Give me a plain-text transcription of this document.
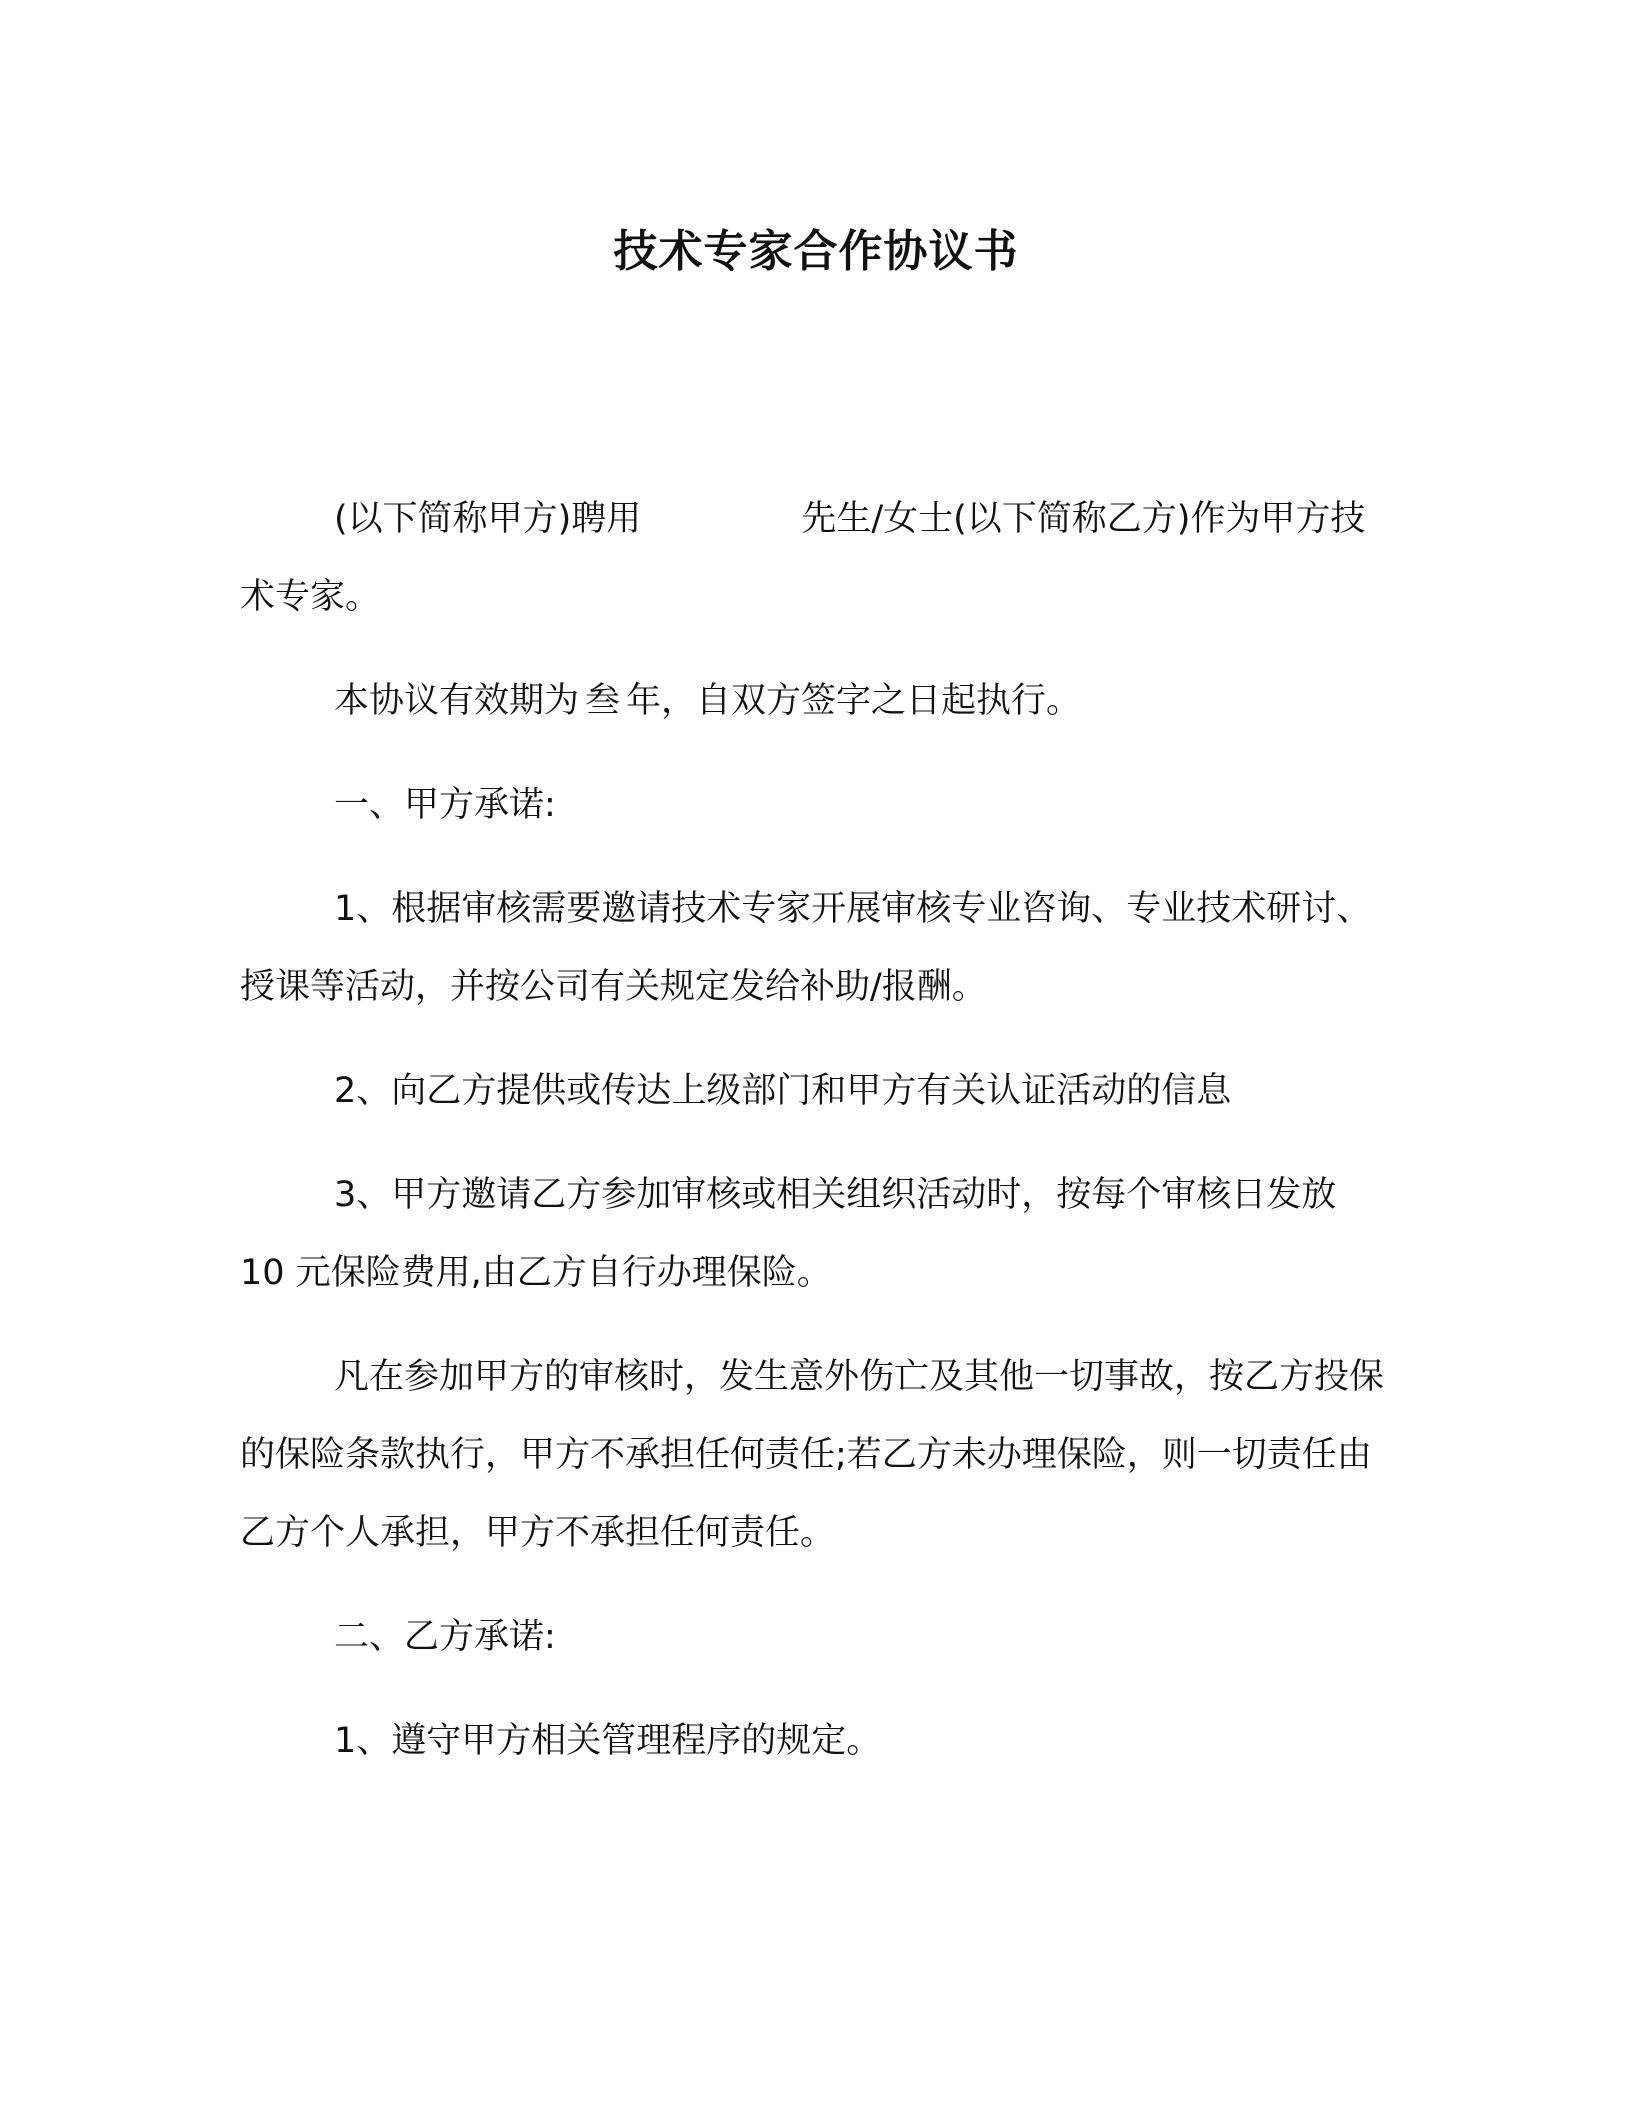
技术专家合作协议书

(以下简称甲方)聘用	先生/女士(以下简称乙方)作为甲方技术专家。

本协议有效期为 叁 年，自双方签字之日起执行。

一、甲方承诺:

1、根据审核需要邀请技术专家开展审核专业咨询、专业技术研讨、授课等活动，并按公司有关规定发给补助/报酬。

2、向乙方提供或传达上级部门和甲方有关认证活动的信息

3、甲方邀请乙方参加审核或相关组织活动时，按每个审核日发放 10 元保险费用,由乙方自行办理保险。

凡在参加甲方的审核时，发生意外伤亡及其他一切事故，按乙方投保的保险条款执行，甲方不承担任何责任;若乙方未办理保险，则一切责任由乙方个人承担，甲方不承担任何责任。

二、乙方承诺:

1、遵守甲方相关管理程序的规定。
